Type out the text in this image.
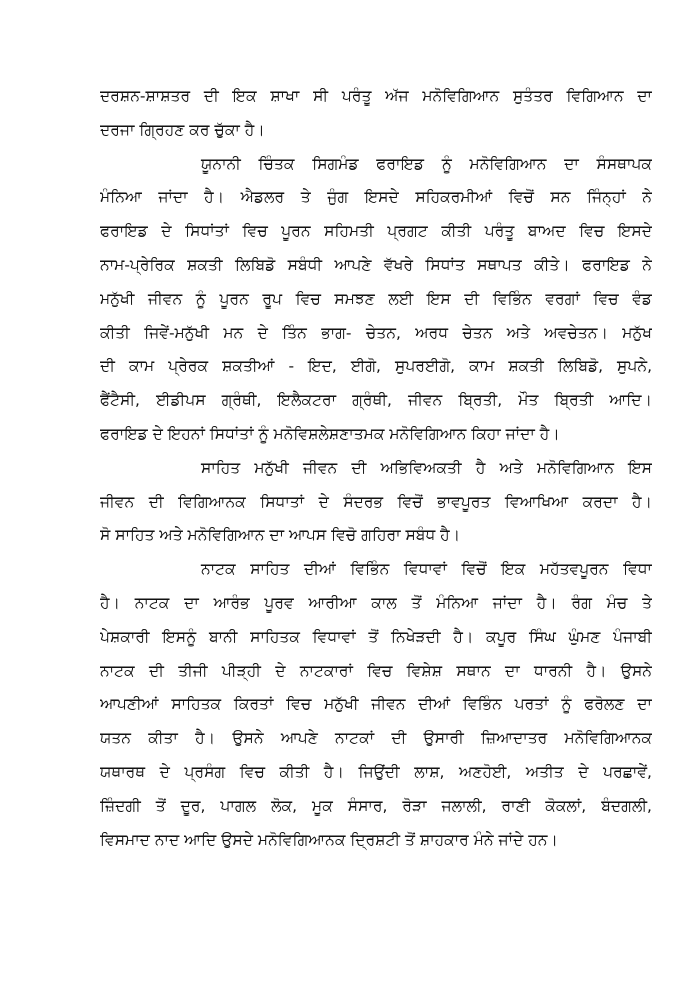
ਦਰਸ਼ਨ-ਸ਼ਾਸ਼ਤਰ ਦੀ ਇਕ ਸ਼ਾਖਾ ਸੀ ਪਰੰਤੂ ਅੱਜ ਮਨੋਵਿਗਿਆਨ ਸੁਤੰਤਰ ਵਿਗਿਆਨ ਦਾ
ਦਰਜਾ ਗ੍ਰਿਹਣ ਕਰ ਚੁੱਕਾ ਹੈ।
ਯੂਨਾਨੀ ਚਿੰਤਕ ਸਿਗਮੰਡ ਫਰਾਇਡ ਨੂੰ ਮਨੋਵਿਗਿਆਨ ਦਾ ਸੰਸਥਾਪਕ
ਮੰਨਿਆ ਜਾਂਦਾ ਹੈ। ਐਡਲਰ ਤੇ ਜੁੰਗ ਇਸਦੇ ਸਹਿਕਰਮੀਆਂ ਵਿਚੋਂ ਸਨ ਜਿੰਨ੍ਹਾਂ ਨੇ
ਫਰਾਇਡ ਦੇ ਸਿਧਾਂਤਾਂ ਵਿਚ ਪੂਰਨ ਸਹਿਮਤੀ ਪ੍ਰਗਟ ਕੀਤੀ ਪਰੰਤੂ ਬਾਅਦ ਵਿਚ ਇਸਦੇ
ਨਾਮ-ਪ੍ਰੇਰਿਕ ਸ਼ਕਤੀ ਲਿਬਿਡੋ ਸਬੰਧੀ ਆਪਣੇ ਵੱਖਰੇ ਸਿਧਾਂਤ ਸਥਾਪਤ ਕੀਤੇ। ਫਰਾਇਡ ਨੇ
ਮਨੁੱਖੀ ਜੀਵਨ ਨੂੰ ਪੂਰਨ ਰੂਪ ਵਿਚ ਸਮਝਣ ਲਈ ਇਸ ਦੀ ਵਿਭਿੰਨ ਵਰਗਾਂ ਵਿਚ ਵੰਡ
ਕੀਤੀ ਜਿਵੇਂ-ਮਨੁੱਖੀ ਮਨ ਦੇ ਤਿੰਨ ਭਾਗ- ਚੇਤਨ, ਅਰਧ ਚੇਤਨ ਅਤੇ ਅਵਚੇਤਨ। ਮਨੁੱਖ
ਦੀ ਕਾਮ ਪ੍ਰੇਰਕ ਸ਼ਕਤੀਆਂ - ਇਦ, ਈਗੋ, ਸੁਪਰਈਗੋ, ਕਾਮ ਸ਼ਕਤੀ ਲਿਬਿਡੋ, ਸੁਪਨੇ,
ਫੈਂਟੈਸੀ, ਈਡੀਪਸ ਗ੍ਰੰਥੀ, ਇਲੈਕਟਰਾ ਗ੍ਰੰਥੀ, ਜੀਵਨ ਬ੍ਰਿਤੀ, ਮੌਤ ਬ੍ਰਿਤੀ ਆਦਿ।
ਫਰਾਇਡ ਦੇ ਇਹਨਾਂ ਸਿਧਾਂਤਾਂ ਨੂੰ ਮਨੋਵਿਸ਼ਲੇਸ਼ਣਾਤਮਕ ਮਨੋਵਿਗਿਆਨ ਕਿਹਾ ਜਾਂਦਾ ਹੈ।
ਸਾਹਿਤ ਮਨੁੱਖੀ ਜੀਵਨ ਦੀ ਅਭਿਵਿਅਕਤੀ ਹੈ ਅਤੇ ਮਨੋਵਿਗਿਆਨ ਇਸ
ਜੀਵਨ ਦੀ ਵਿਗਿਆਨਕ ਸਿਧਾਤਾਂ ਦੇ ਸੰਦਰਭ ਵਿਚੋਂ ਭਾਵਪੂਰਤ ਵਿਆਖਿਆ ਕਰਦਾ ਹੈ।
ਸੋ ਸਾਹਿਤ ਅਤੇ ਮਨੋਵਿਗਿਆਨ ਦਾ ਆਪਸ ਵਿਚੋ ਗਹਿਰਾ ਸਬੰਧ ਹੈ।
ਨਾਟਕ ਸਾਹਿਤ ਦੀਆਂ ਵਿਭਿੰਨ ਵਿਧਾਵਾਂ ਵਿਚੋਂ ਇਕ ਮਹੱਤਵਪੂਰਨ ਵਿਧਾ
ਹੈ। ਨਾਟਕ ਦਾ ਆਰੰਭ ਪੂਰਵ ਆਰੀਆ ਕਾਲ ਤੋਂ ਮੰਨਿਆ ਜਾਂਦਾ ਹੈ। ਰੰਗ ਮੰਚ ਤੇ
ਪੇਸ਼ਕਾਰੀ ਇਸਨੂੰ ਬਾਨੀ ਸਾਹਿਤਕ ਵਿਧਾਵਾਂ ਤੋਂ ਨਿਖੇੜਦੀ ਹੈ। ਕਪੂਰ ਸਿੰਘ ਘੁੰਮਣ ਪੰਜਾਬੀ
ਨਾਟਕ ਦੀ ਤੀਜੀ ਪੀੜ੍ਹੀ ਦੇ ਨਾਟਕਾਰਾਂ ਵਿਚ ਵਿਸ਼ੇਸ਼ ਸਥਾਨ ਦਾ ਧਾਰਨੀ ਹੈ। ਉਸਨੇ
ਆਪਣੀਆਂ ਸਾਹਿਤਕ ਕਿਰਤਾਂ ਵਿਚ ਮਨੁੱਖੀ ਜੀਵਨ ਦੀਆਂ ਵਿਭਿੰਨ ਪਰਤਾਂ ਨੂੰ ਫਰੋਲਣ ਦਾ
ਯਤਨ ਕੀਤਾ ਹੈ। ਉਸਨੇ ਆਪਣੇ ਨਾਟਕਾਂ ਦੀ ਉਸਾਰੀ ਜ਼ਿਆਦਾਤਰ ਮਨੋਵਿਗਿਆਨਕ
ਯਥਾਰਥ ਦੇ ਪ੍ਰਸੰਗ ਵਿਚ ਕੀਤੀ ਹੈ। ਜਿਉਂਦੀ ਲਾਸ਼, ਅਣਹੋਈ, ਅਤੀਤ ਦੇ ਪਰਛਾਵੇਂ,
ਜ਼ਿੰਦਗੀ ਤੋਂ ਦੂਰ, ਪਾਗਲ ਲੋਕ, ਮੂਕ ਸੰਸਾਰ, ਰੋੜਾ ਜਲਾਲੀ, ਰਾਣੀ ਕੋਕਲਾਂ, ਬੰਦਗਲੀ,
ਵਿਸਮਾਦ ਨਾਦ ਆਦਿ ਉਸਦੇ ਮਨੋਵਿਗਿਆਨਕ ਦ੍ਰਿਸ਼ਟੀ ਤੋਂ ਸ਼ਾਹਕਾਰ ਮੰਨੇ ਜਾਂਦੇ ਹਨ।
